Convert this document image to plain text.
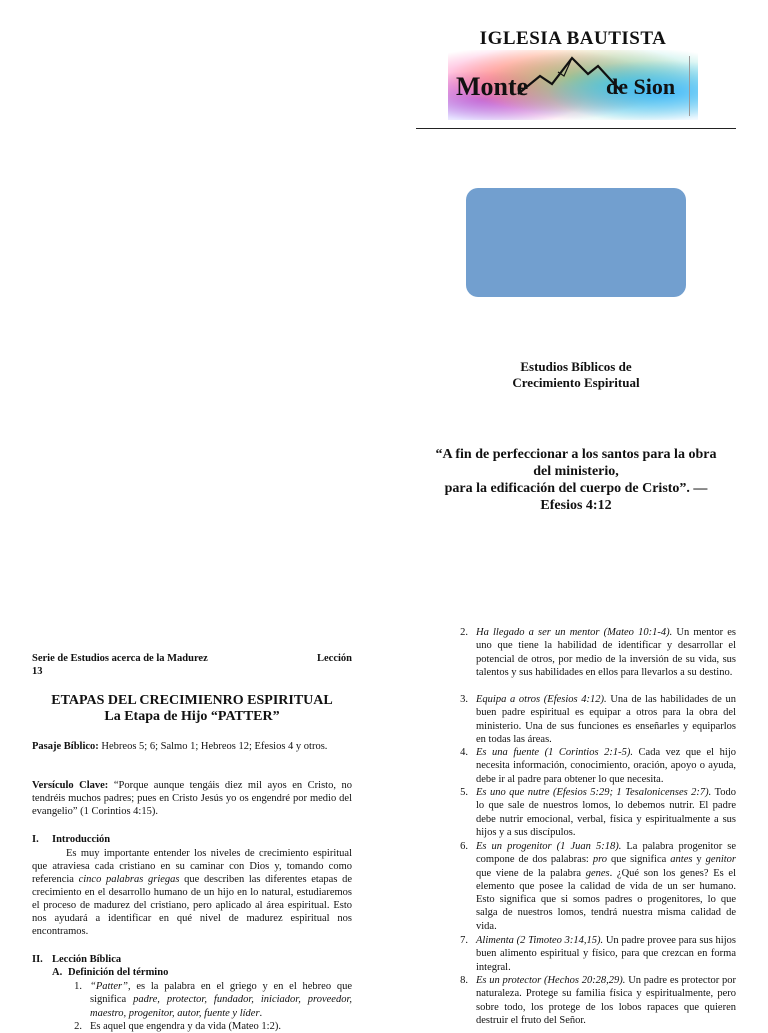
IGLESIA BAUTISTA
Monte	de Sion
Estudios Bíblicos de
Crecimiento Espiritual
“A fin de perfeccionar a los santos para la obra
del ministerio,
para la edificación del cuerpo de Cristo”. —
Efesios 4:12
Lección
Serie de Estudios acerca de la Madurez
13
ETAPAS DEL CRECIMIENRO ESPIRITUAL
La Etapa de Hijo “PATTER”
Pasaje Bíblico: Hebreos 5; 6; Salmo 1; Hebreos 12; Efesios 4 y otros.
Versículo Clave: “Porque aunque tengáis diez mil ayos en Cristo, no tendréis muchos padres; pues en Cristo Jesús yo os engendré por medio del evangelio” (1 Corintios 4:15).
I. Introducción
Es muy importante entender los niveles de crecimiento espiritual que atraviesa cada cristiano en su caminar con Dios y, tomando como referencia cinco palabras griegas que describen las diferentes etapas de crecimiento en el desarrollo humano de un hijo en lo natural, estudiaremos el proceso de madurez del cristiano, pero aplicado al área espiritual. Esto nos ayudará a identificar en qué nivel de madurez espiritual nos encontramos.
II. Lección Bíblica
A. Definición del término
1. “Patter”, es la palabra en el griego y en el hebreo que significa padre, protector, fundador, iniciador, proveedor, maestro, progenitor, autor, fuente y líder.
2. Es aquel que engendra y da vida (Mateo 1:2).
2. Ha llegado a ser un mentor (Mateo 10:1-4). Un mentor es uno que tiene la habilidad de identificar y desarrollar el potencial de otros, por medio de la inversión de su vida, sus talentos y sus habilidades en ellos para llevarlos a su destino.
3. Equipa a otros (Efesios 4:12). Una de las habilidades de un buen padre espiritual es equipar a otros para la obra del ministerio. Una de sus funciones es enseñarles y equiparlos en todas las áreas.
4. Es una fuente (1 Corintios 2:1-5). Cada vez que el hijo necesita información, conocimiento, oración, apoyo o ayuda, debe ir al padre para obtener lo que necesita.
5. Es uno que nutre (Efesios 5:29; 1 Tesalonicenses 2:7). Todo lo que sale de nuestros lomos, lo debemos nutrir. El padre debe nutrir emocional, verbal, física y espiritualmente a sus hijos y a sus discípulos.
6. Es un progenitor (1 Juan 5:18). La palabra progenitor se compone de dos palabras: pro que significa antes y genitor que viene de la palabra genes. ¿Qué son los genes? Es el elemento que posee la calidad de vida de un ser humano. Esto significa que si somos padres o progenitores, lo que salga de nuestros lomos, tendrá nuestra misma calidad de vida.
7. Alimenta (2 Timoteo 3:14,15). Un padre provee para sus hijos buen alimento espiritual y físico, para que crezcan en forma integral.
8. Es un protector (Hechos 20:28,29). Un padre es protector por naturaleza. Protege su familia física y espiritualmente, pero sobre todo, los protege de los lobos rapaces que quieren destruir el fruto del Señor.
